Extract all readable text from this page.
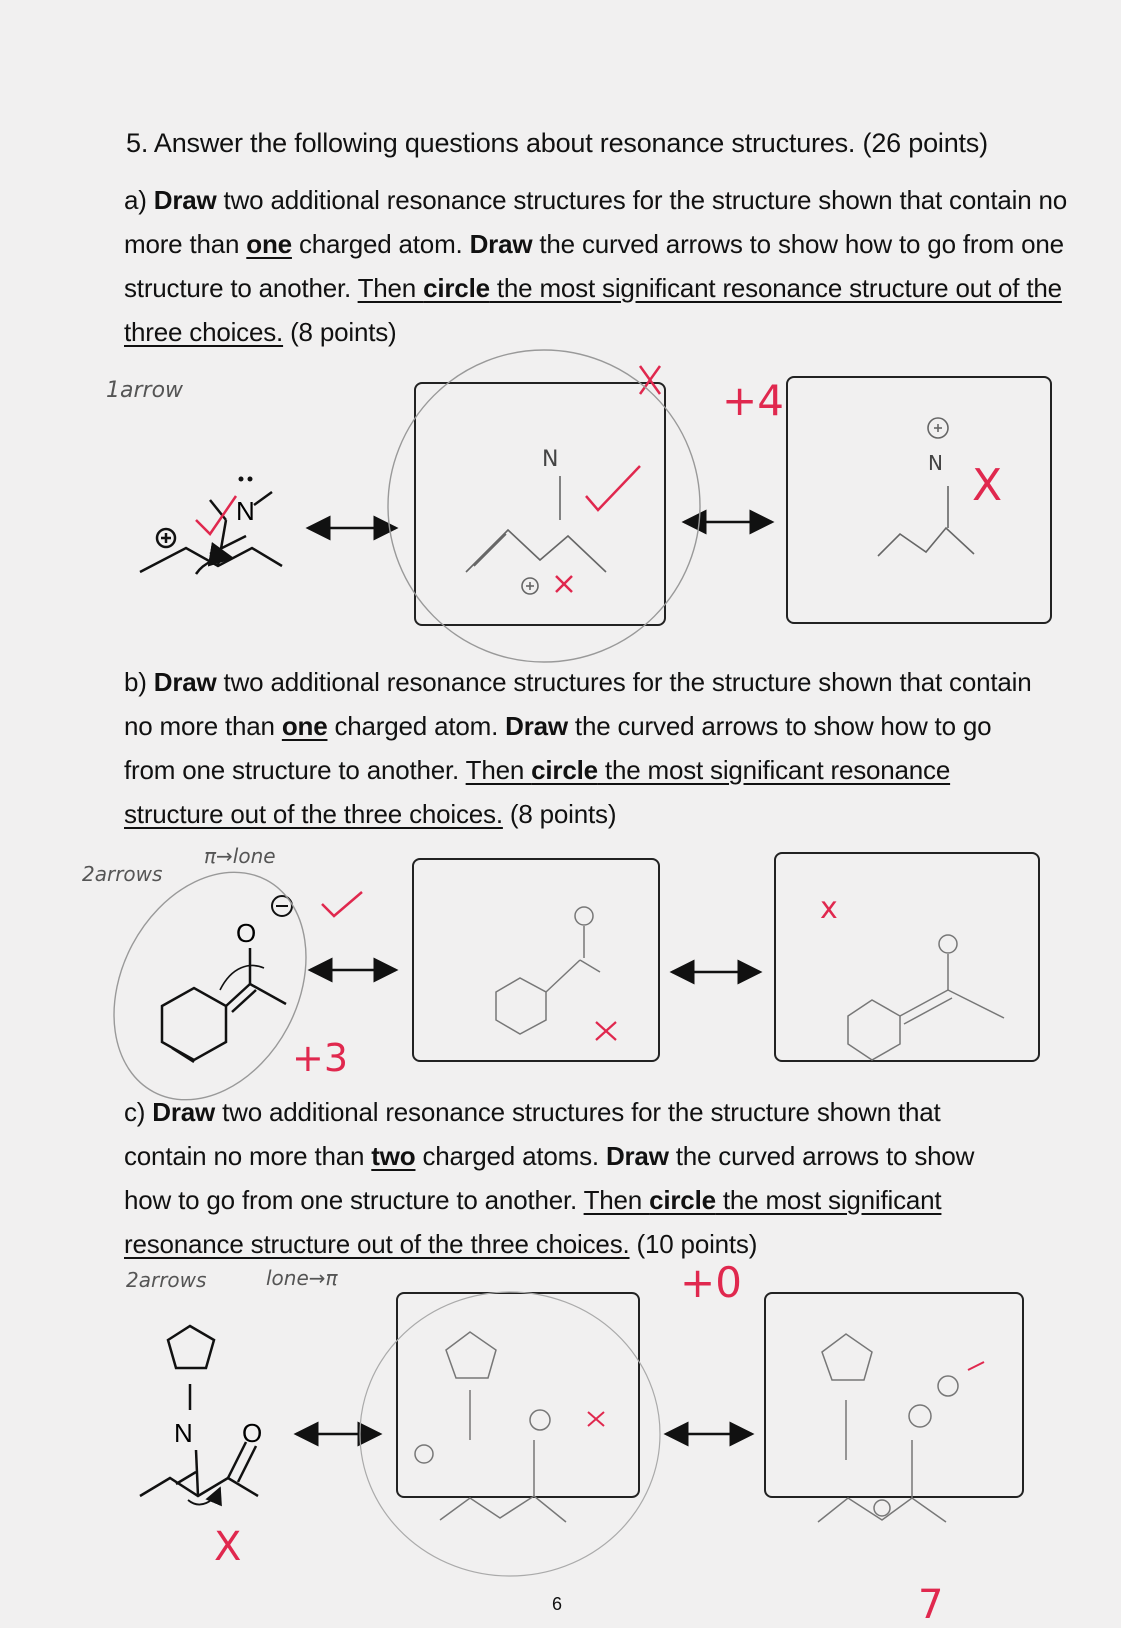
5. Answer the following questions about resonance structures. (26 points)
a) Draw two additional resonance structures for the structure shown that contain no more than one charged atom. Draw the curved arrows to show how to go from one structure to another. Then circle the most significant resonance structure out of the three choices. (8 points)
b) Draw two additional resonance structures for the structure shown that contain no more than one charged atom. Draw the curved arrows to show how to go from one structure to another. Then circle the most significant resonance structure out of the three choices. (8 points)
c) Draw two additional resonance structures for the structure shown that contain no more than two charged atoms. Draw the curved arrows to show how to go from one structure to another. Then circle the most significant resonance structure out of the three choices. (10 points)
N
N	N X
O
x
N O
X
1arrow	+4
2arrows
π→lone
+3
2arrows	lone→π	+0
6	7
